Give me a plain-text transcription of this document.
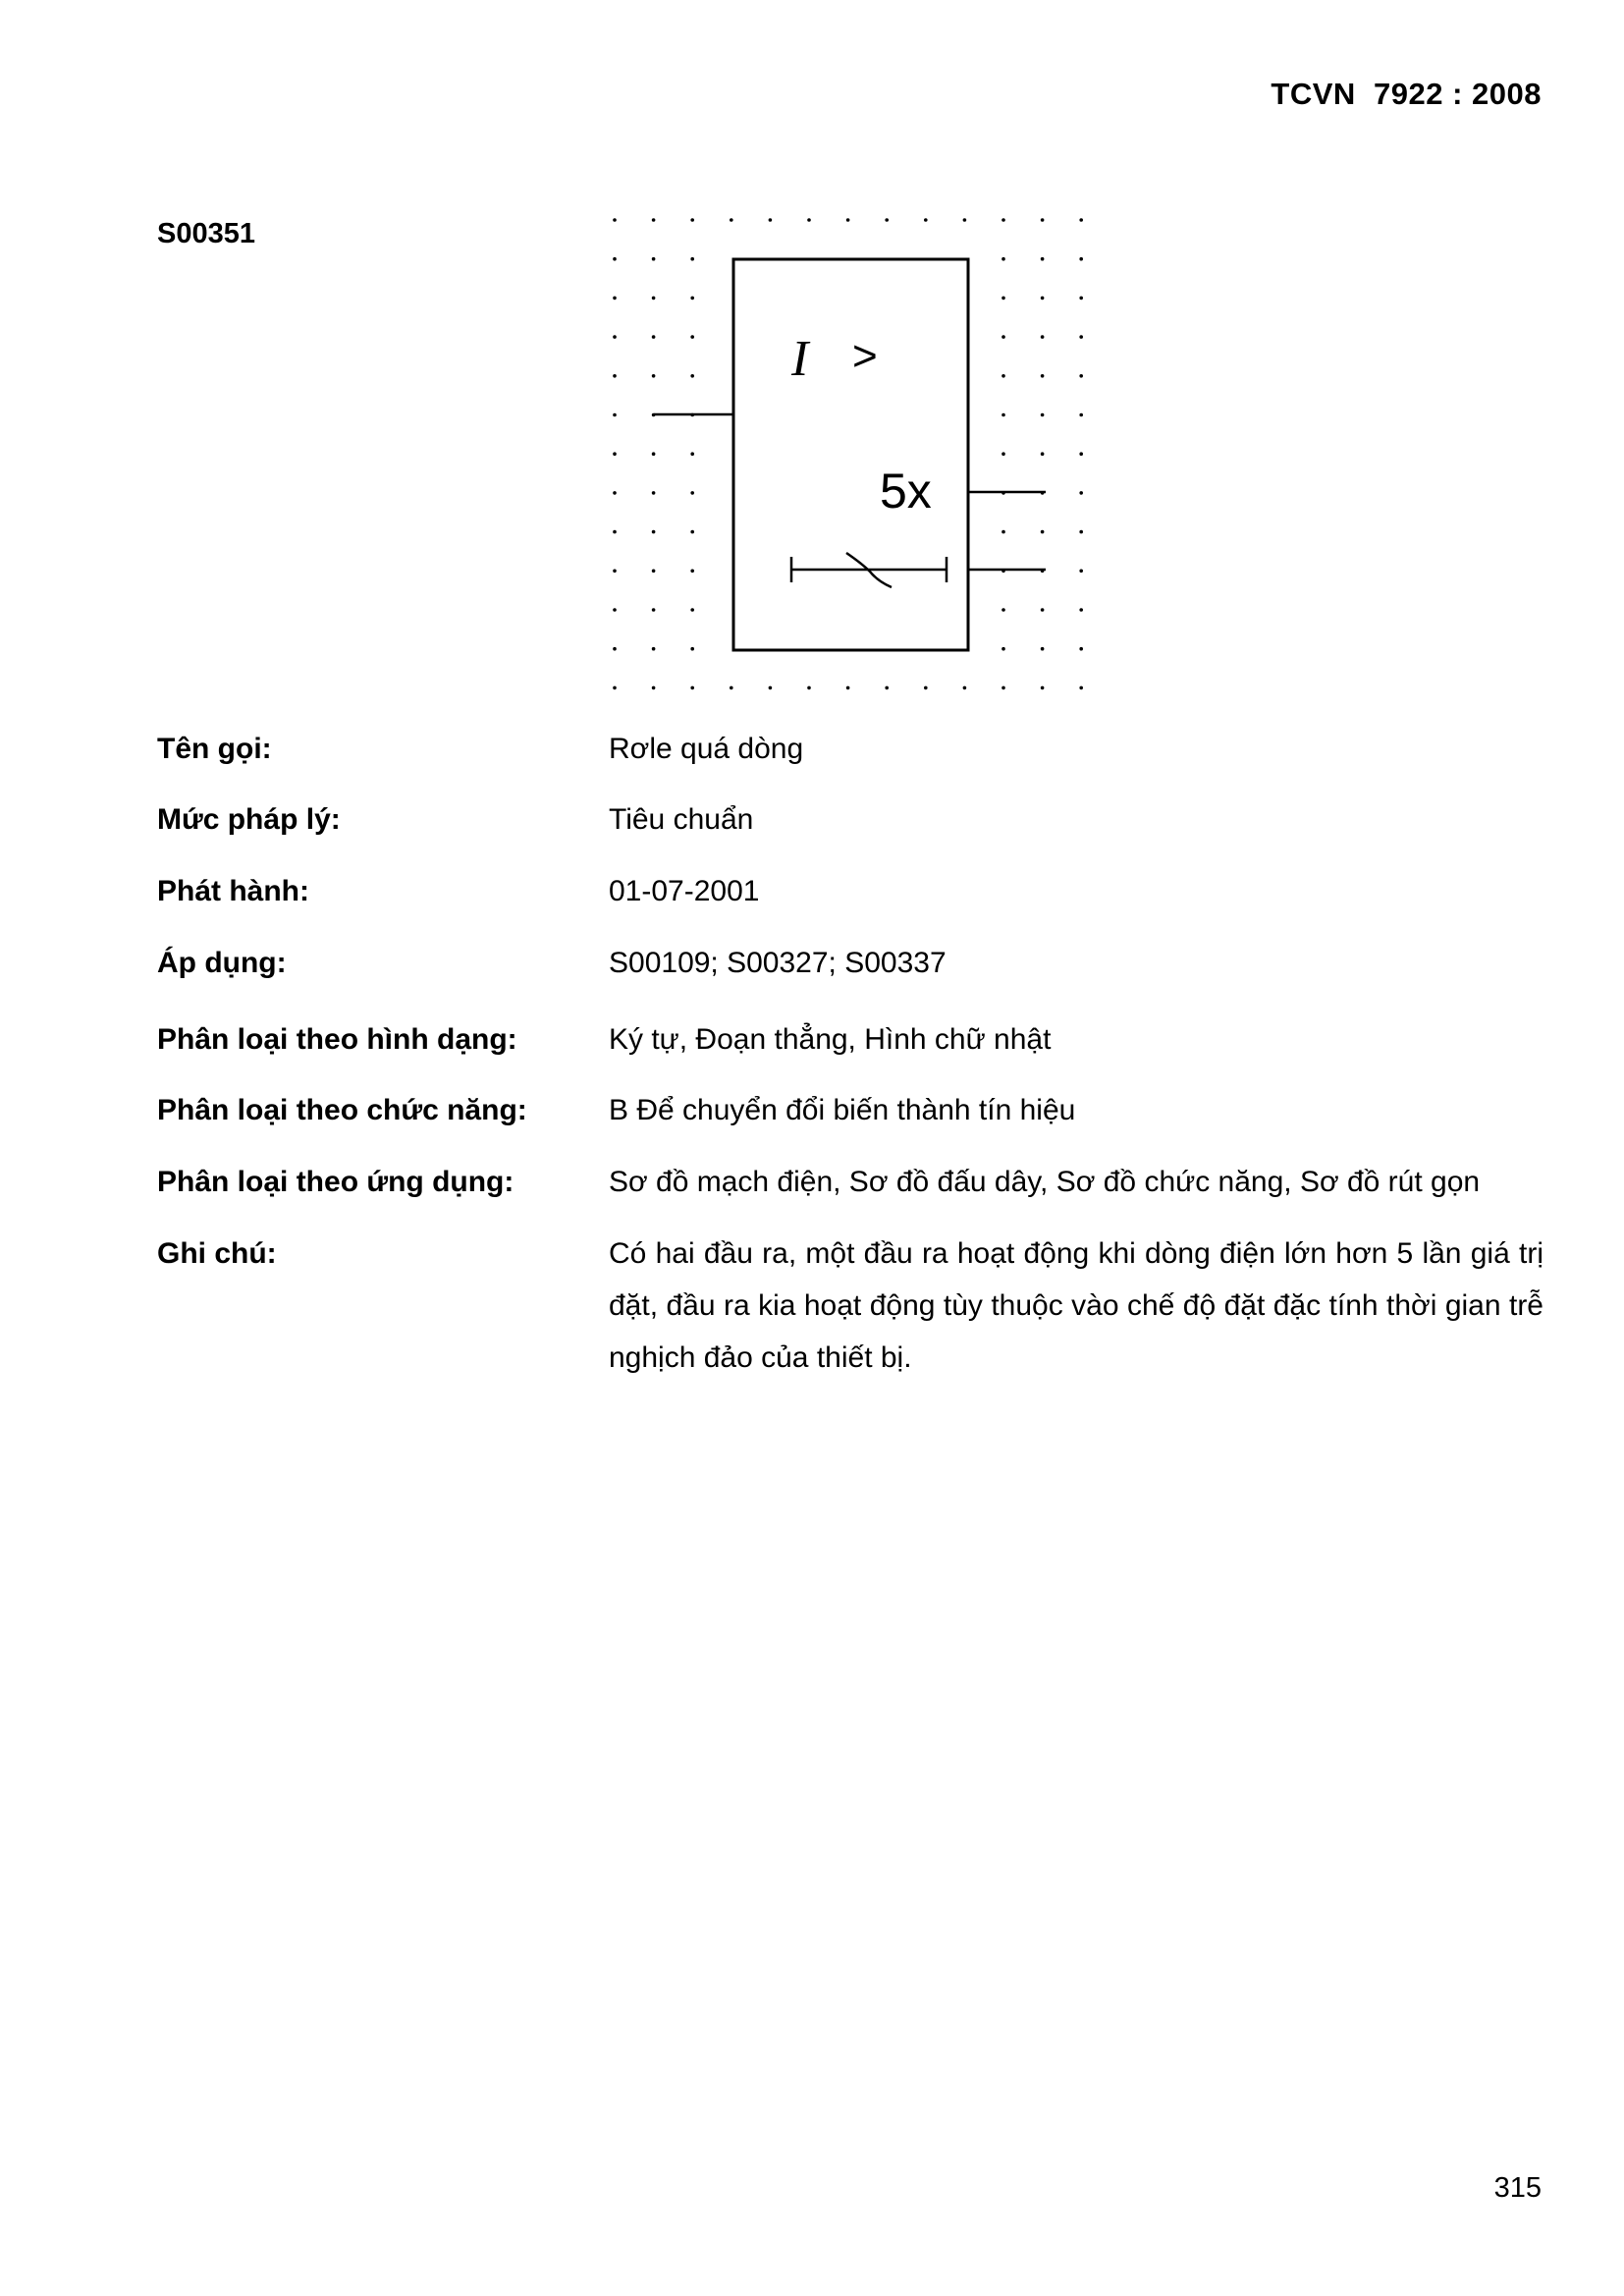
TCVN  7922 : 2008
S00351
I >
5x
Tên gọi:	Rơle quá dòng
Mức pháp lý:	Tiêu chuẩn
Phát hành:	01-07-2001
Áp dụng:	S00109; S00327; S00337
Phân loại theo hình dạng:	Ký tự, Đoạn thẳng, Hình chữ nhật
Phân loại theo chức năng:	B Để chuyển đổi biến thành tín hiệu
Phân loại theo ứng dụng:	Sơ đồ mạch điện, Sơ đồ đấu dây, Sơ đồ chức năng, Sơ đồ rút gọn
Ghi chú:	Có hai đầu ra, một đầu ra hoạt động khi dòng điện lớn hơn 5 lần giá trị đặt, đầu ra kia hoạt động tùy thuộc vào chế độ đặt đặc tính thời gian trễ nghịch đảo của thiết bị.
315
